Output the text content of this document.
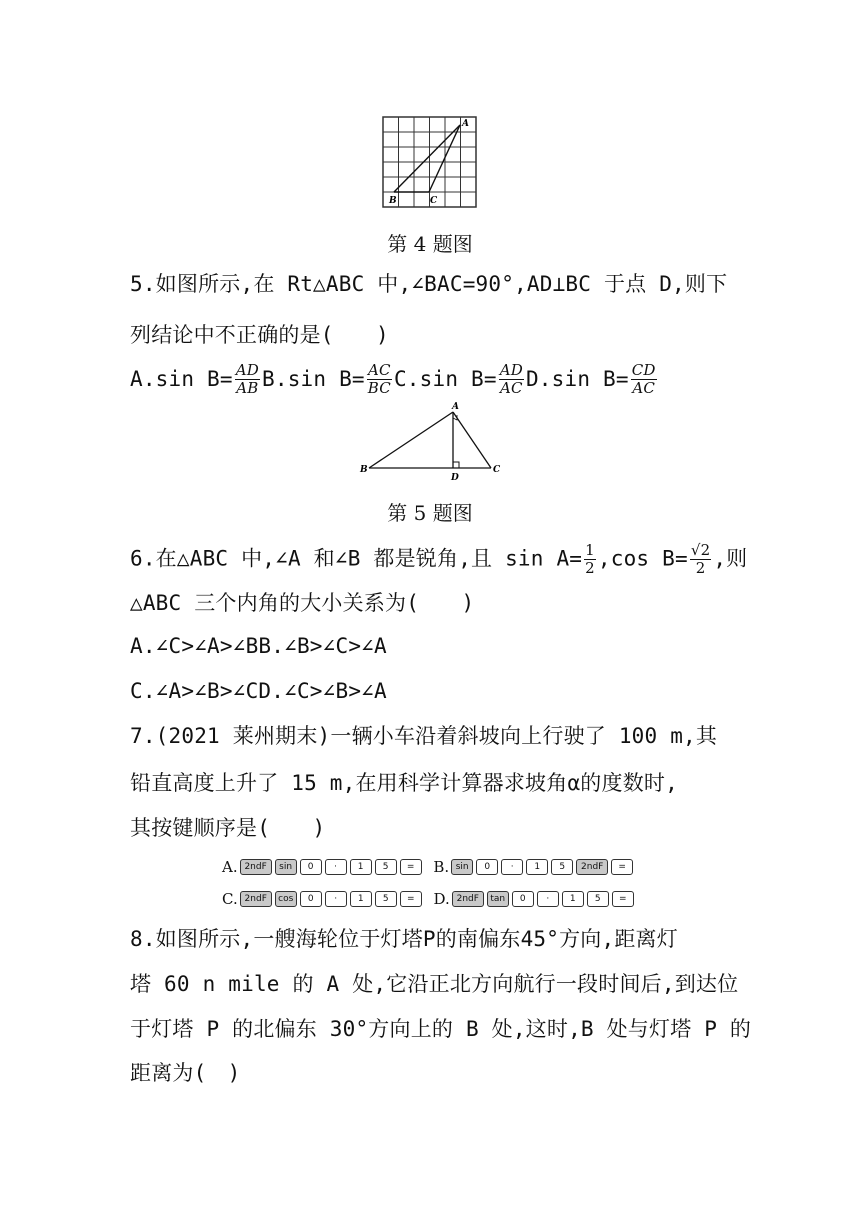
A
B	C
第 4 题图
5.如图所示,在 Rt△ABC 中,∠BAC=90°,AD⊥BC 于点 D,则下
列结论中不正确的是(　　)
A.sin $B= \frac{AD}{AB} B.\sin$ $B= \frac{AC}{BC} C.\sin$ $B= \frac{AD}{AC} D.\sin$ $B= \frac{CD}{AC}$
A
B	C
D
第 5 题图
6.在△ABC 中,∠A 和∠B 都是锐角,且 $\sin A= \frac{1}{2} ,\cos$ $B= \frac{√2}{2}$ ,则
△ABC 三个内角的大小关系为(　　)
A.∠C>∠A>∠BB.∠B>∠C>∠A
C.∠A>∠B>∠CD.∠C>∠B>∠A
7.(2021 莱州期末)一辆小车沿着斜坡向上行驶了 100 m,其
铅直高度上升了 15 m,在用科学计算器求坡角α的度数时,
其按键顺序是(　　)
A. 2ndF sin 0 · 1 5 = B. sin 0 · 1 5 2ndF =
C. 2ndF cos 0 · 1 5 = D. 2ndF tan 0 · 1 5 =
8.如图所示,一艘海轮位于灯塔P的南偏东45°方向,距离灯
塔 60 n mile 的 A 处,它沿正北方向航行一段时间后,到达位
于灯塔 P 的北偏东 30°方向上的 B 处,这时,B 处与灯塔 P 的
距离为(　)
